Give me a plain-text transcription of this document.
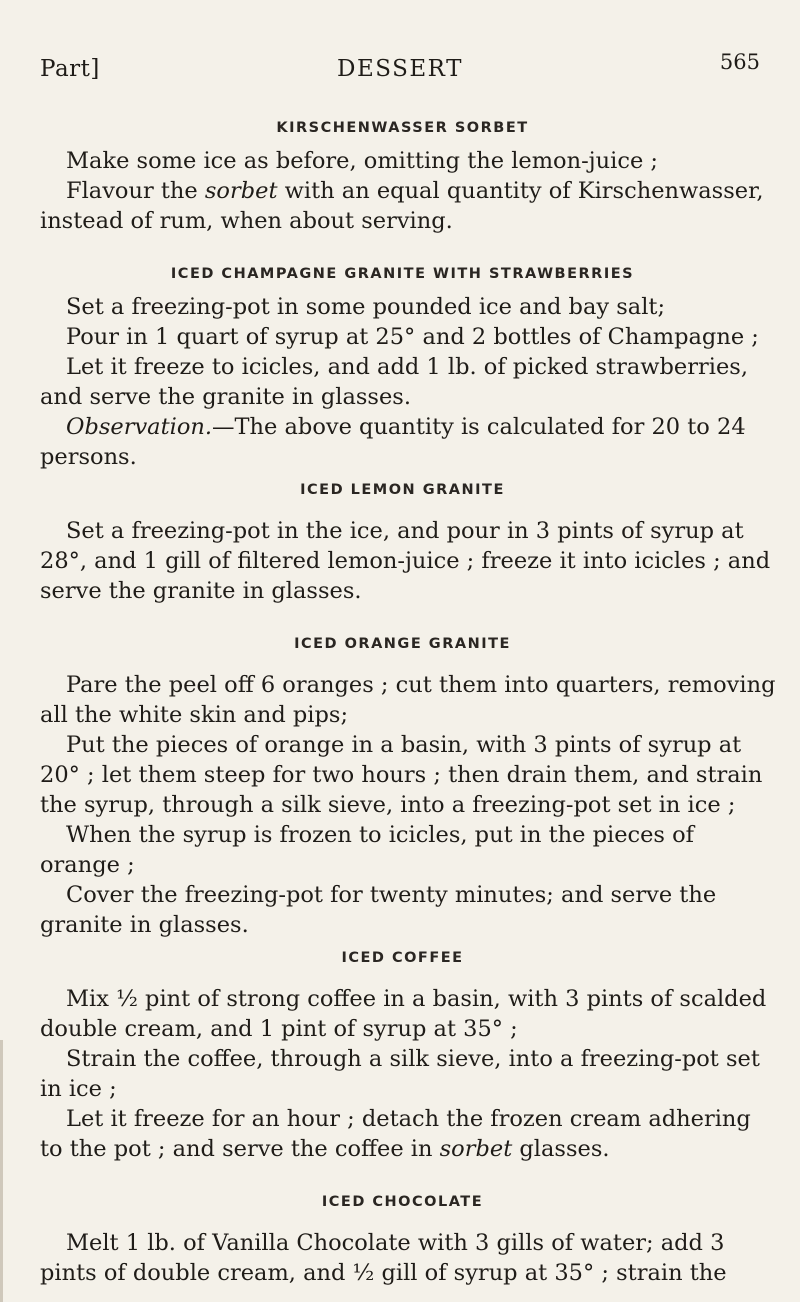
Part]	DESSERT	565
KIRSCHENWASSER SORBET
Make some ice as before, omitting the lemon-juice ;
Flavour the sorbet with an equal quantity of Kirschenwasser,
instead of rum, when about serving.
ICED CHAMPAGNE GRANITE WITH STRAWBERRIES
Set a freezing-pot in some pounded ice and bay salt;
Pour in 1 quart of syrup at 25° and 2 bottles of Champagne ;
Let it freeze to icicles, and add 1 lb. of picked strawberries,
and serve the granite in glasses.
Observation.—The above quantity is calculated for 20 to 24
persons.
ICED LEMON GRANITE
Set a freezing-pot in the ice, and pour in 3 pints of syrup at
28°, and 1 gill of filtered lemon-juice ; freeze it into icicles ; and
serve the granite in glasses.
ICED ORANGE GRANITE
Pare the peel off 6 oranges ; cut them into quarters, removing
all the white skin and pips;
Put the pieces of orange in a basin, with 3 pints of syrup at
20° ; let them steep for two hours ; then drain them, and strain
the syrup, through a silk sieve, into a freezing-pot set in ice ;
When the syrup is frozen to icicles, put in the pieces of
orange ;
Cover the freezing-pot for twenty minutes; and serve the
granite in glasses.
ICED COFFEE
Mix ½ pint of strong coffee in a basin, with 3 pints of scalded
double cream, and 1 pint of syrup at 35° ;
Strain the coffee, through a silk sieve, into a freezing-pot set
in ice ;
Let it freeze for an hour ; detach the frozen cream adhering
to the pot ; and serve the coffee in sorbet glasses.
ICED CHOCOLATE
Melt 1 lb. of Vanilla Chocolate with 3 gills of water; add 3
pints of double cream, and ½ gill of syrup at 35° ; strain the
